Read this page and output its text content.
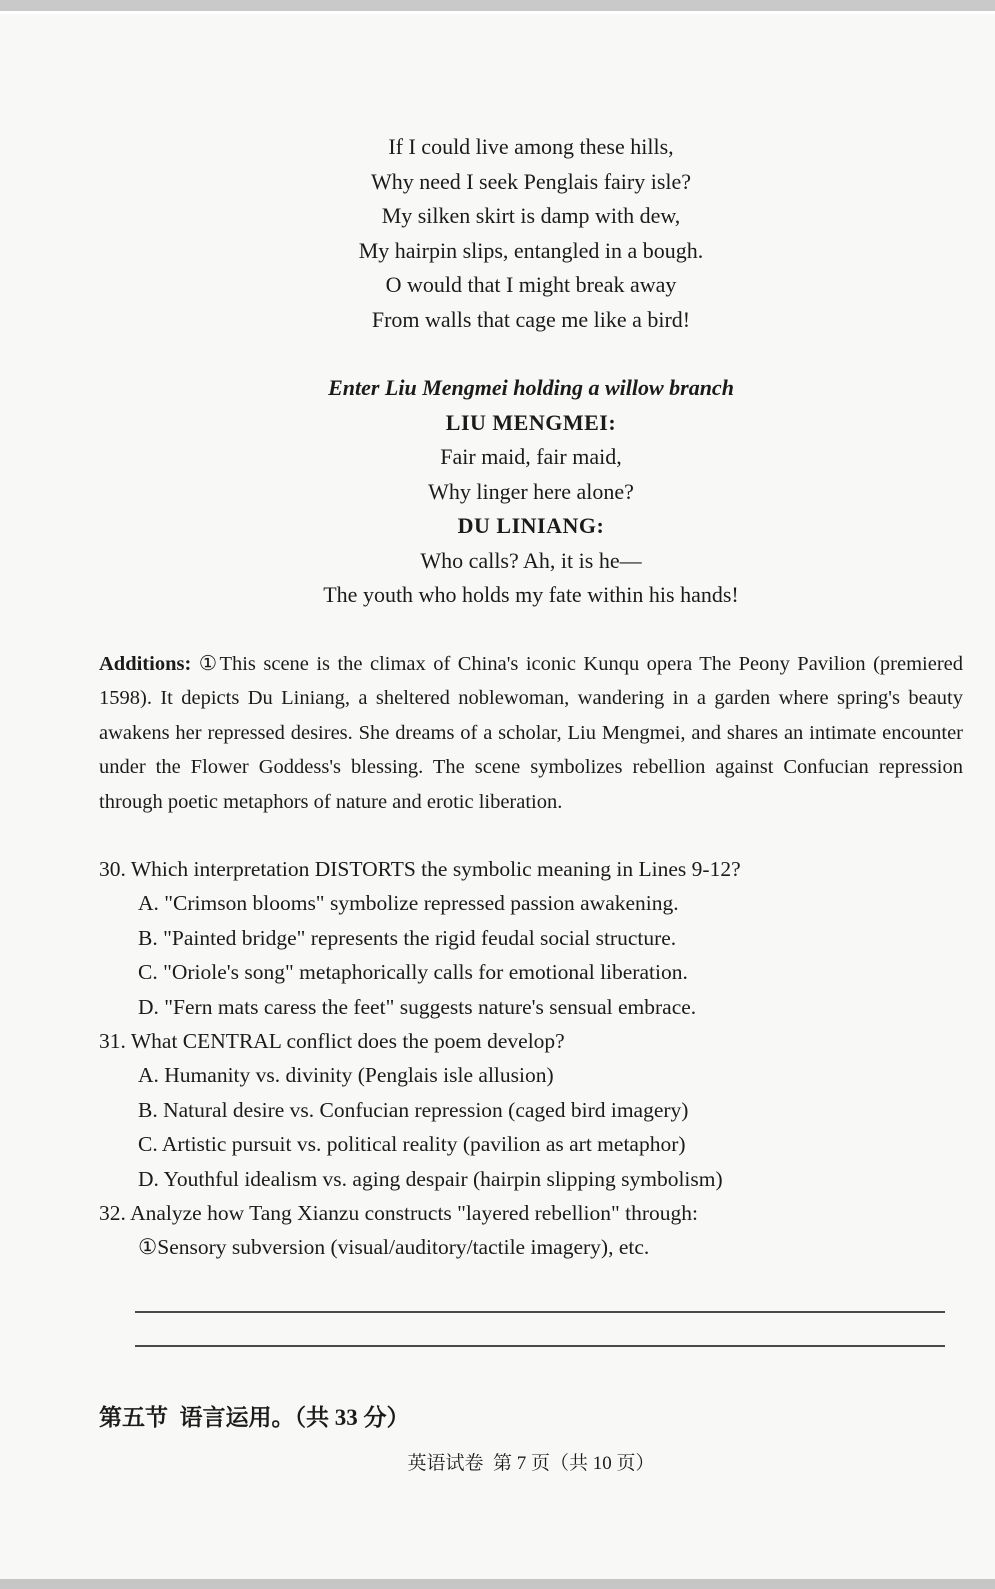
If I could live among these hills,
Why need I seek Penglais fairy isle?
My silken skirt is damp with dew,
My hairpin slips, entangled in a bough.
O would that I might break away
From walls that cage me like a bird!
Enter Liu Mengmei holding a willow branch
LIU MENGMEI:
Fair maid, fair maid,
Why linger here alone?
DU LINIANG:
Who calls? Ah, it is he—
The youth who holds my fate within his hands!

Additions: ①This scene is the climax of China's iconic Kunqu opera The Peony Pavilion (premiered 1598). It depicts Du Liniang, a sheltered noblewoman, wandering in a garden where spring's beauty awakens her repressed desires. She dreams of a scholar, Liu Mengmei, and shares an intimate encounter under the Flower Goddess's blessing. The scene symbolizes rebellion against Confucian repression through poetic metaphors of nature and erotic liberation.

30. Which interpretation DISTORTS the symbolic meaning in Lines 9-12?
A. "Crimson blooms" symbolize repressed passion awakening.
B. "Painted bridge" represents the rigid feudal social structure.
C. "Oriole's song" metaphorically calls for emotional liberation.
D. "Fern mats caress the feet" suggests nature's sensual embrace.
31. What CENTRAL conflict does the poem develop?
A. Humanity vs. divinity (Penglais isle allusion)
B. Natural desire vs. Confucian repression (caged bird imagery)
C. Artistic pursuit vs. political reality (pavilion as art metaphor)
D. Youthful idealism vs. aging despair (hairpin slipping symbolism)
32. Analyze how Tang Xianzu constructs "layered rebellion" through:
①Sensory subversion (visual/auditory/tactile imagery), etc.
第五节  语言运用。（共 33 分）
英语试卷  第 7 页（共 10 页）
